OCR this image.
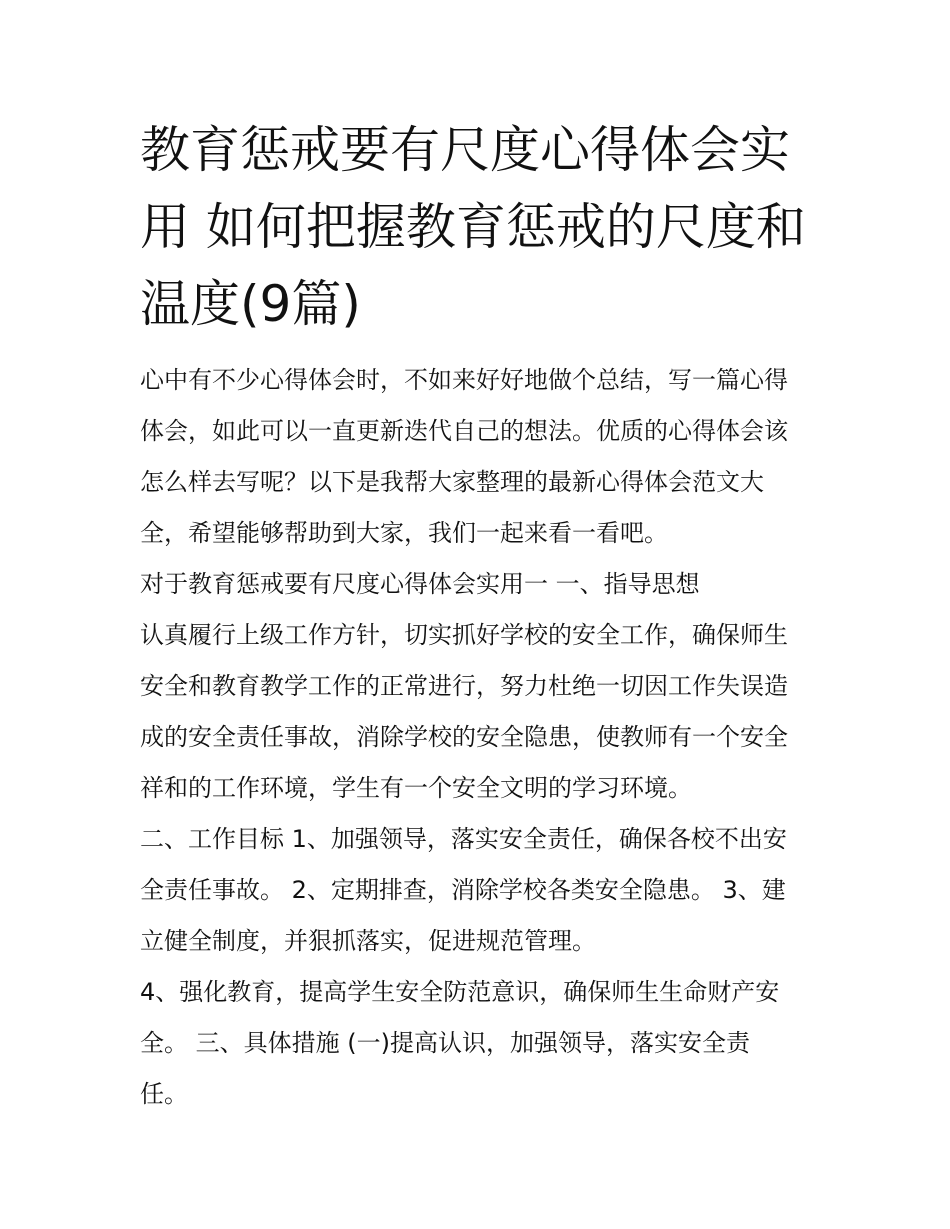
教育惩戒要有尺度心得体会实
用 如何把握教育惩戒的尺度和
温度(9篇)
心中有不少心得体会时，不如来好好地做个总结，写一篇心得
体会，如此可以一直更新迭代自己的想法。优质的心得体会该
怎么样去写呢？以下是我帮大家整理的最新心得体会范文大
全，希望能够帮助到大家，我们一起来看一看吧。
对于教育惩戒要有尺度心得体会实用一 一、指导思想
认真履行上级工作方针，切实抓好学校的安全工作，确保师生
安全和教育教学工作的正常进行，努力杜绝一切因工作失误造
成的安全责任事故，消除学校的安全隐患，使教师有一个安全
祥和的工作环境，学生有一个安全文明的学习环境。
二、工作目标 1、加强领导，落实安全责任，确保各校不出安
全责任事故。 2、定期排查，消除学校各类安全隐患。 3、建
立健全制度，并狠抓落实，促进规范管理。
4、强化教育，提高学生安全防范意识，确保师生生命财产安
全。 三、具体措施 (一)提高认识，加强领导，落实安全责
任。
